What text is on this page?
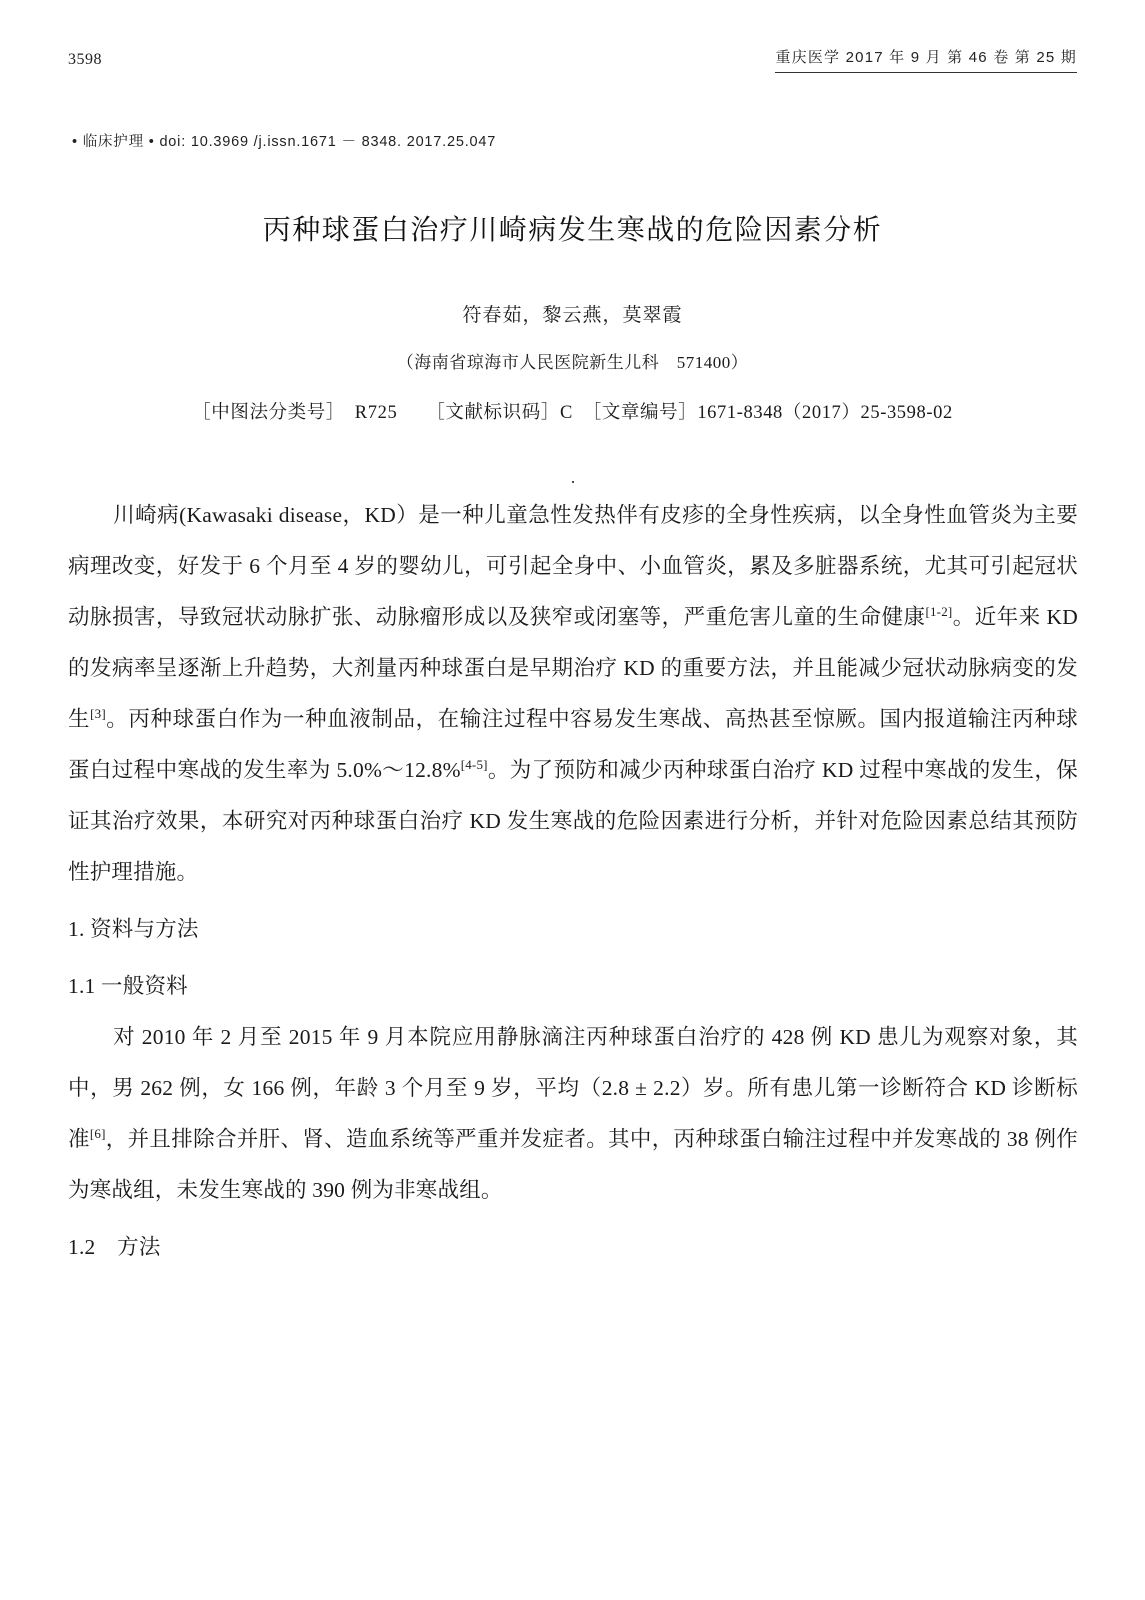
3598	重庆医学 2017 年 9 月 第 46 卷 第 25 期
• 临床护理 • doi: 10.3969 /j.issn.1671 － 8348. 2017.25.047
丙种球蛋白治疗川崎病发生寒战的危险因素分析
符春茹，黎云燕，莫翠霞
（海南省琼海市人民医院新生儿科　571400）
［中图法分类号］　R725　　［文献标识码］C　［文章编号］1671-8348（2017）25-3598-02
.

川崎病(Kawasaki disease，KD）是一种儿童急性发热伴有皮疹的全身性疾病，以全身性血管炎为主要病理改变，好发于 6 个月至 4 岁的婴幼儿，可引起全身中、小血管炎，累及多脏器系统，尤其可引起冠状动脉损害，导致冠状动脉扩张、动脉瘤形成以及狭窄或闭塞等，严重危害儿童的生命健康[1-2]。近年来 KD 的发病率呈逐渐上升趋势，大剂量丙种球蛋白是早期治疗 KD 的重要方法，并且能减少冠状动脉病变的发生[3]。丙种球蛋白作为一种血液制品，在输注过程中容易发生寒战、高热甚至惊厥。国内报道输注丙种球蛋白过程中寒战的发生率为 5.0%～12.8%[4-5]。为了预防和减少丙种球蛋白治疗 KD 过程中寒战的发生，保证其治疗效果，本研究对丙种球蛋白治疗 KD 发生寒战的危险因素进行分析，并针对危险因素总结其预防性护理措施。

1. 资料与方法
1.1 一般资料

对 2010 年 2 月至 2015 年 9 月本院应用静脉滴注丙种球蛋白治疗的 428 例 KD 患儿为观察对象，其中，男 262 例，女 166 例，年龄 3 个月至 9 岁，平均（2.8 ± 2.2）岁。所有患儿第一诊断符合 KD 诊断标准[6]，并且排除合并肝、肾、造血系统等严重并发症者。其中，丙种球蛋白输注过程中并发寒战的 38 例作为寒战组，未发生寒战的 390 例为非寒战组。

1.2　方法
